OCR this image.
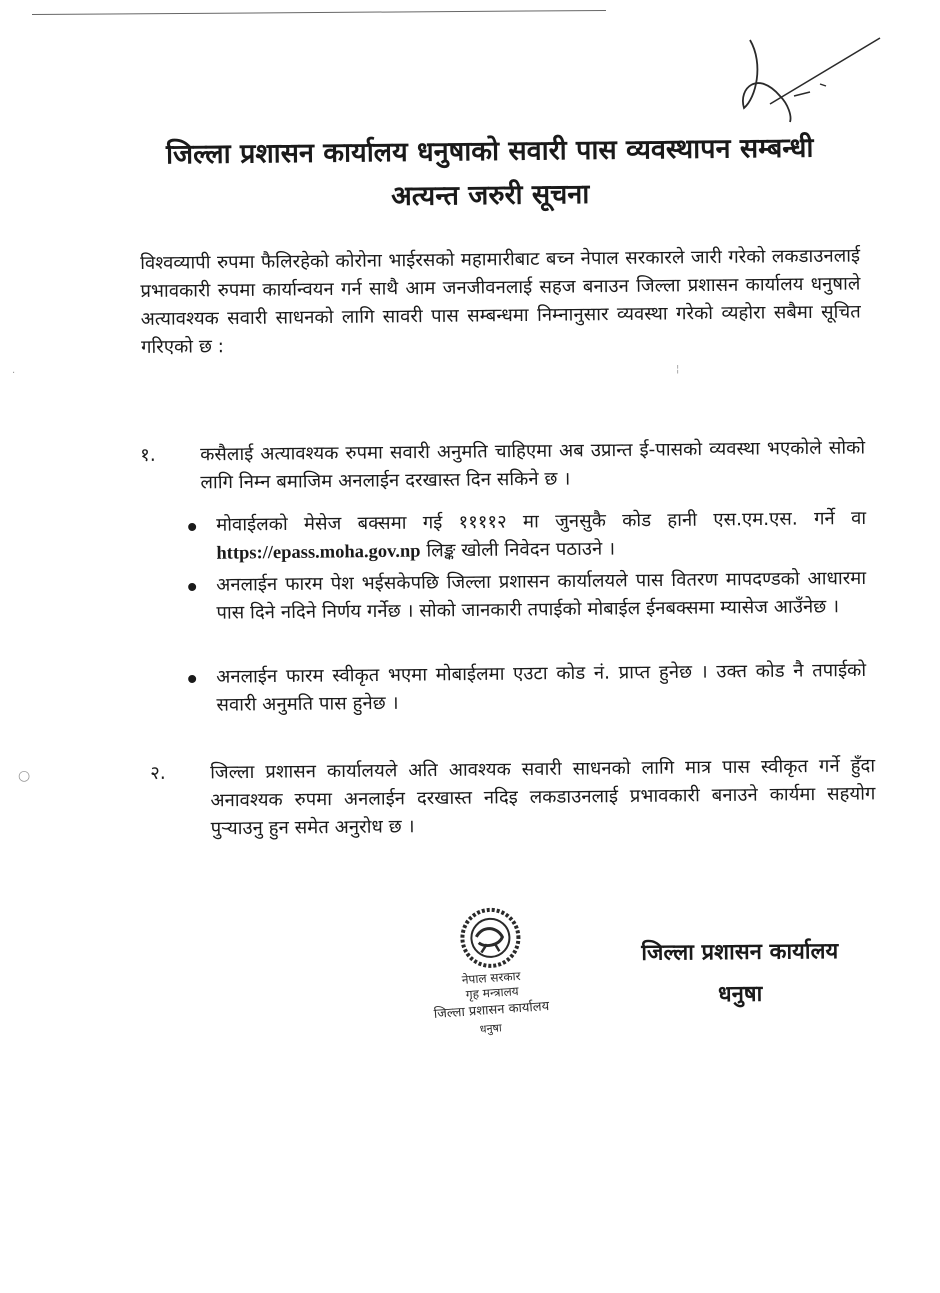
जिल्ला प्रशासन कार्यालय धनुषाको सवारी पास व्यवस्थापन सम्बन्धी
अत्यन्त जरुरी सूचना
विश्वव्यापी रुपमा फैलिरहेको कोरोना भाईरसको महामारीबाट बच्न नेपाल सरकारले जारी गरेको लकडाउनलाई प्रभावकारी रुपमा कार्यान्वयन गर्न साथै आम जनजीवनलाई सहज बनाउन जिल्ला प्रशासन कार्यालय धनुषाले अत्यावश्यक सवारी साधनको लागि सावरी पास सम्बन्धमा निम्नानुसार व्यवस्था गरेको व्यहोरा सबैमा सूचित गरिएको छ :
१. कसैलाई अत्यावश्यक रुपमा सवारी अनुमति चाहिएमा अब उप्रान्त ई-पासको व्यवस्था भएकोले सोको लागि निम्न बमाजिम अनलाईन दरखास्त दिन सकिने छ ।
मोवाईलको मेसेज बक्समा गई ११११२ मा जुनसुकै कोड हानी एस.एम.एस. गर्ने वा https://epass.moha.gov.np लिङ्क खोली निवेदन पठाउने ।
अनलाईन फारम पेश भईसकेपछि जिल्ला प्रशासन कार्यालयले पास वितरण मापदण्डको आधारमा पास दिने नदिने निर्णय गर्नेछ । सोको जानकारी तपाईको मोबाईल ईनबक्समा म्यासेज आउँनेछ ।
अनलाईन फारम स्वीकृत भएमा मोबाईलमा एउटा कोड नं. प्राप्त हुनेछ । उक्त कोड नै तपाईको सवारी अनुमति पास हुनेछ ।
२. जिल्ला प्रशासन कार्यालयले अति आवश्यक सवारी साधनको लागि मात्र पास स्वीकृत गर्ने हुँदा अनावश्यक रुपमा अनलाईन दरखास्त नदिइ लकडाउनलाई प्रभावकारी बनाउने कार्यमा सहयोग पुऱ्याउनु हुन समेत अनुरोध छ ।
नेपाल सरकार
गृह मन्त्रालय
जिल्ला प्रशासन कार्यालय
धनुषा
जिल्ला प्रशासन कार्यालय
धनुषा
·
○
¦
